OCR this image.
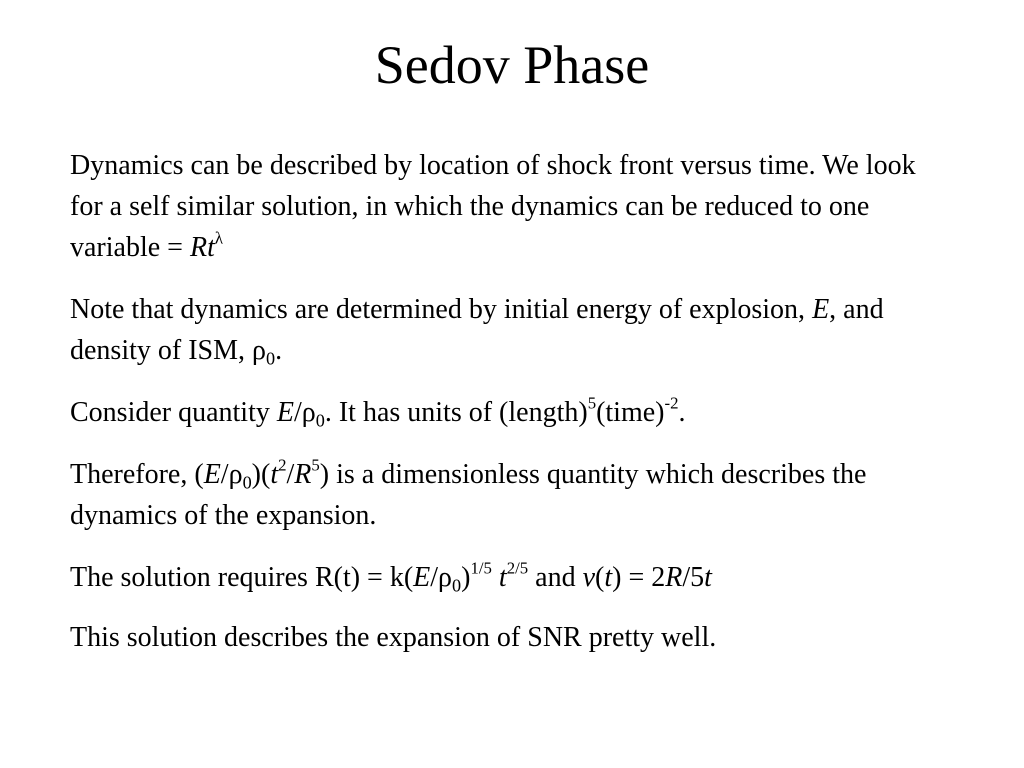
Sedov Phase

Dynamics can be described by location of shock front versus time. We look for a self similar solution, in which the dynamics can be reduced to one variable = $Rt^\lambda$

Note that dynamics are determined by initial energy of explosion, E, and density of ISM, $\rho_0$.

Consider quantity $E/\rho_0$. It has units of (length)$^5$(time)$^{-2}$.

Therefore, $(E/\rho_0)(t^2/R^5)$ is a dimensionless quantity which describes the dynamics of the expansion.

The solution requires $R(t) = k(E/\rho_0)^{1/5}$ $t^{2/5}$ and v(t) = 2R/5t

This solution describes the expansion of SNR pretty well.
